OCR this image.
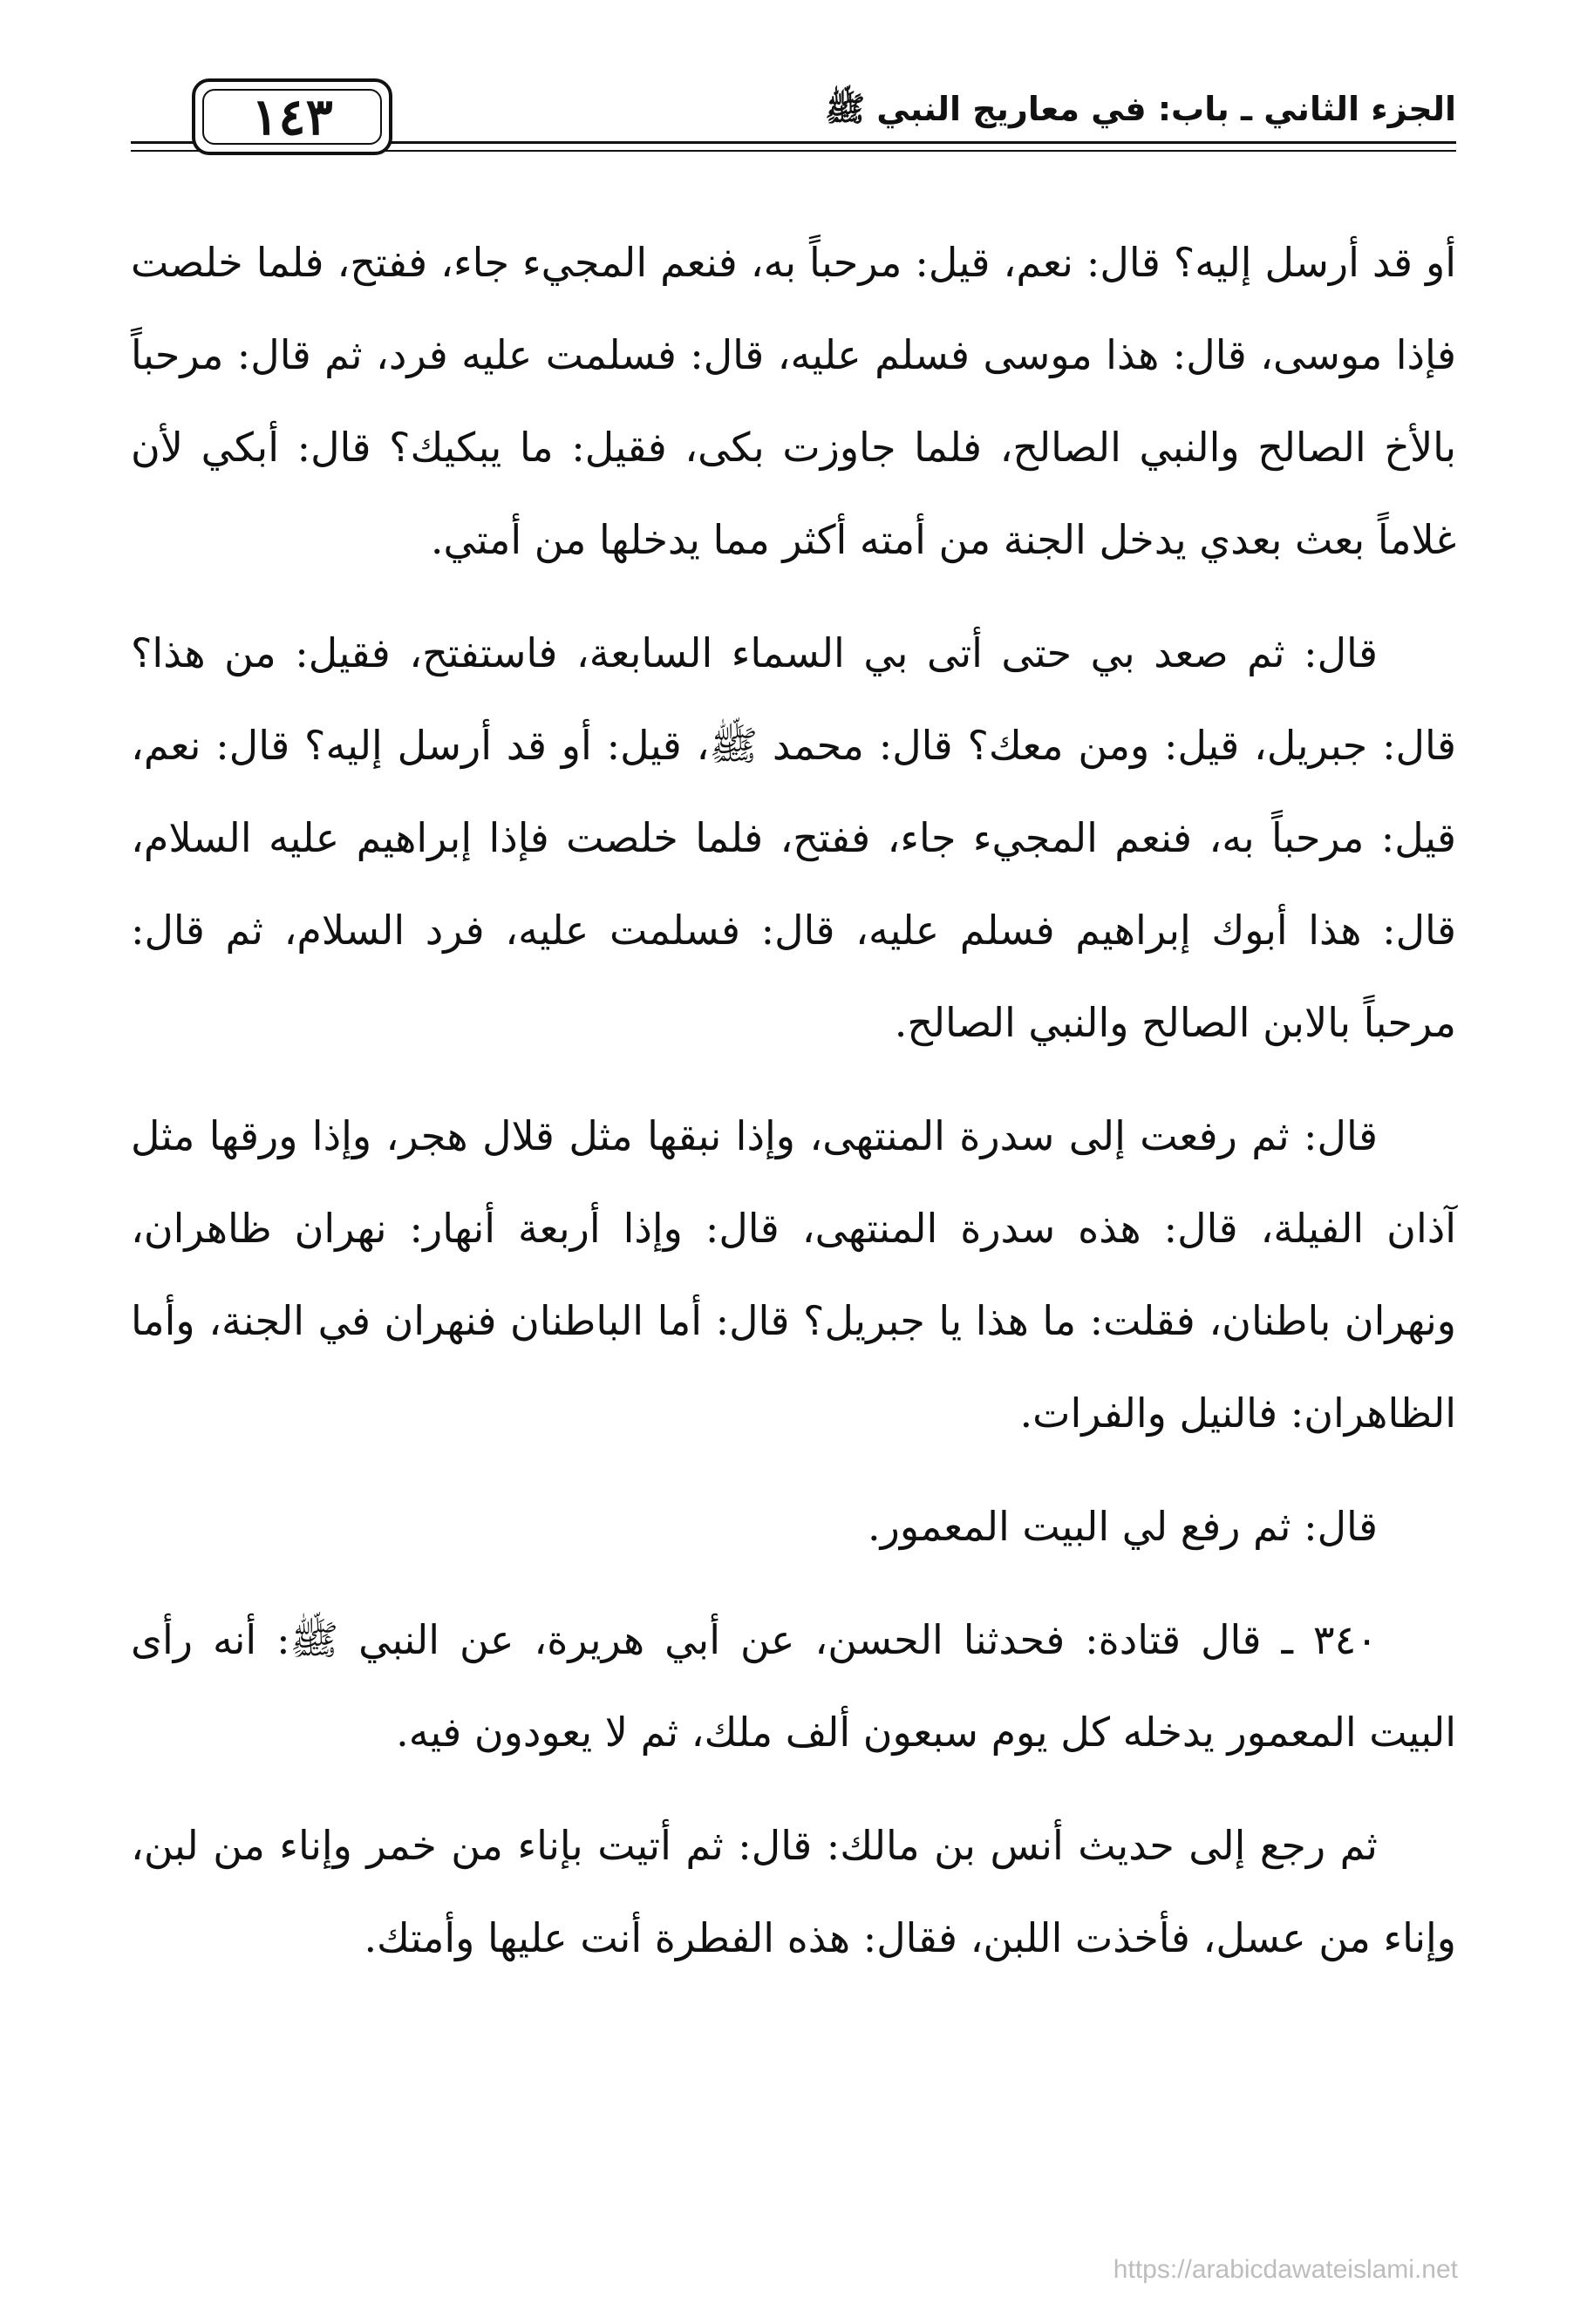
١٤٣	الجزء الثاني ـ باب: في معاريج النبي ﷺ

أو قد أرسل إليه؟ قال: نعم، قيل: مرحباً به، فنعم المجيء جاء، ففتح، فلما خلصت فإذا موسى، قال: هذا موسى فسلم عليه، قال: فسلمت عليه فرد، ثم قال: مرحباً بالأخ الصالح والنبي الصالح، فلما جاوزت بكى، فقيل: ما يبكيك؟ قال: أبكي لأن غلاماً بعث بعدي يدخل الجنة من أمته أكثر مما يدخلها من أمتي.

قال: ثم صعد بي حتى أتى بي السماء السابعة، فاستفتح، فقيل: من هذا؟ قال: جبريل، قيل: ومن معك؟ قال: محمد ﷺ، قيل: أو قد أرسل إليه؟ قال: نعم، قيل: مرحباً به، فنعم المجيء جاء، ففتح، فلما خلصت فإذا إبراهيم عليه السلام، قال: هذا أبوك إبراهيم فسلم عليه، قال: فسلمت عليه، فرد السلام، ثم قال: مرحباً بالابن الصالح والنبي الصالح.

قال: ثم رفعت إلى سدرة المنتهى، وإذا نبقها مثل قلال هجر، وإذا ورقها مثل آذان الفيلة، قال: هذه سدرة المنتهى، قال: وإذا أربعة أنهار: نهران ظاهران، ونهران باطنان، فقلت: ما هذا يا جبريل؟ قال: أما الباطنان فنهران في الجنة، وأما الظاهران: فالنيل والفرات.

قال: ثم رفع لي البيت المعمور.

٣٤٠ ـ قال قتادة: فحدثنا الحسن، عن أبي هريرة، عن النبي ﷺ: أنه رأى البيت المعمور يدخله كل يوم سبعون ألف ملك، ثم لا يعودون فيه.

ثم رجع إلى حديث أنس بن مالك: قال: ثم أتيت بإناء من خمر وإناء من لبن، وإناء من عسل، فأخذت اللبن، فقال: هذه الفطرة أنت عليها وأمتك.

https://arabicdawateislami.net
